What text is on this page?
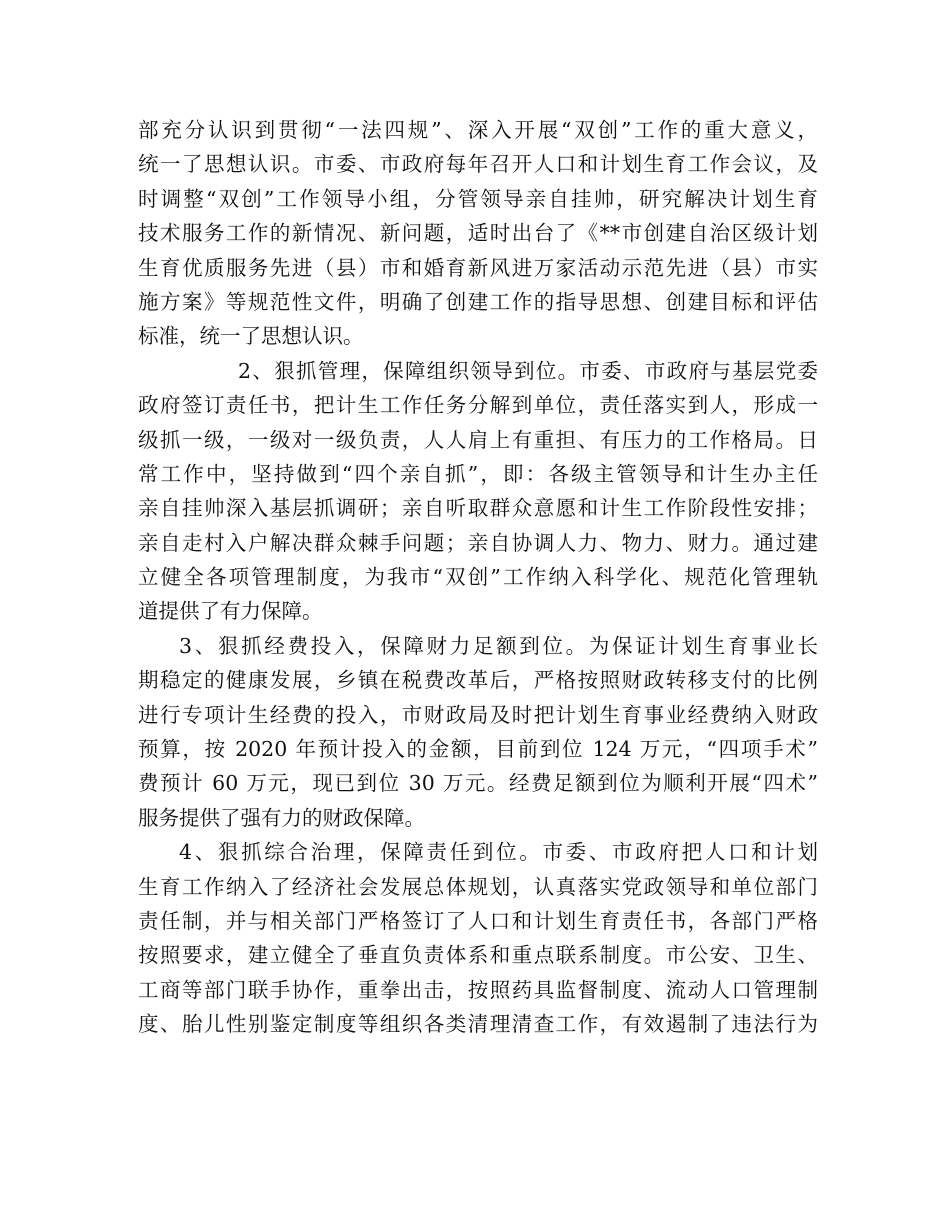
部充分认识到贯彻“一法四规”、深入开展“双创”工作的重大意义，
统一了思想认识。市委、市政府每年召开人口和计划生育工作会议，及
时调整“双创”工作领导小组，分管领导亲自挂帅，研究解决计划生育
技术服务工作的新情况、新问题，适时出台了《**市创建自治区级计划
生育优质服务先进（县）市和婚育新风进万家活动示范先进（县）市实
施方案》等规范性文件，明确了创建工作的指导思想、创建目标和评估
标准，统一了思想认识。
2、狠抓管理，保障组织领导到位。市委、市政府与基层党委
政府签订责任书，把计生工作任务分解到单位，责任落实到人，形成一
级抓一级，一级对一级负责，人人肩上有重担、有压力的工作格局。日
常工作中，坚持做到“四个亲自抓”，即：各级主管领导和计生办主任
亲自挂帅深入基层抓调研；亲自听取群众意愿和计生工作阶段性安排；
亲自走村入户解决群众棘手问题；亲自协调人力、物力、财力。通过建
立健全各项管理制度，为我市“双创”工作纳入科学化、规范化管理轨
道提供了有力保障。
3、狠抓经费投入，保障财力足额到位。为保证计划生育事业长
期稳定的健康发展，乡镇在税费改革后，严格按照财政转移支付的比例
进行专项计生经费的投入，市财政局及时把计划生育事业经费纳入财政
预算，按 2020 年预计投入的金额，目前到位 124 万元，“四项手术”
费预计 60 万元，现已到位 30 万元。经费足额到位为顺利开展“四术”
服务提供了强有力的财政保障。
4、狠抓综合治理，保障责任到位。市委、市政府把人口和计划
生育工作纳入了经济社会发展总体规划，认真落实党政领导和单位部门
责任制，并与相关部门严格签订了人口和计划生育责任书，各部门严格
按照要求，建立健全了垂直负责体系和重点联系制度。市公安、卫生、
工商等部门联手协作，重拳出击，按照药具监督制度、流动人口管理制
度、胎儿性别鉴定制度等组织各类清理清查工作，有效遏制了违法行为
